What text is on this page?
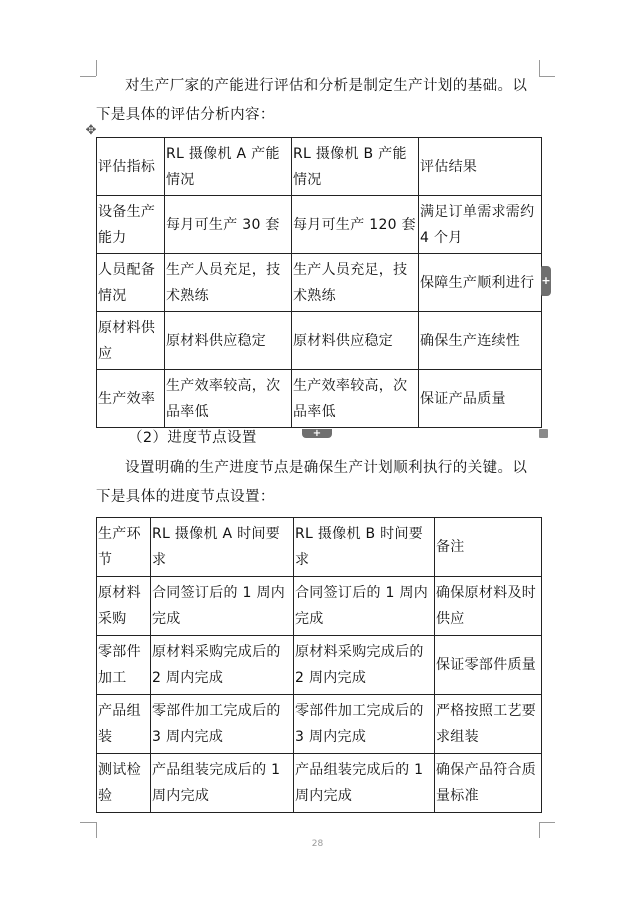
对生产厂家的产能进行评估和分析是制定生产计划的基础。以下是具体的评估分析内容：

✥
评估指标	RL 摄像机 A 产能情况	RL 摄像机 B 产能情况	评估结果
设备生产能力	每月可生产 30 套	每月可生产 120 套	满足订单需求需约 4 个月
人员配备情况	生产人员充足，技术熟练	生产人员充足，技术熟练	保障生产顺利进行
原材料供应	原材料供应稳定	原材料供应稳定	确保生产连续性
生产效率	生产效率较高，次品率低	生产效率较高，次品率低	保证产品质量
+
+
（2）进度节点设置

设置明确的生产进度节点是确保生产计划顺利执行的关键。以下是具体的进度节点设置：

生产环节	RL 摄像机 A 时间要求	RL 摄像机 B 时间要求	备注
原材料采购	合同签订后的 1 周内完成	合同签订后的 1 周内完成	确保原材料及时供应
零部件加工	原材料采购完成后的 2 周内完成	原材料采购完成后的 2 周内完成	保证零部件质量
产品组装	零部件加工完成后的 3 周内完成	零部件加工完成后的 3 周内完成	严格按照工艺要求组装
测试检验	产品组装完成后的 1 周内完成	产品组装完成后的 1 周内完成	确保产品符合质量标准
28
